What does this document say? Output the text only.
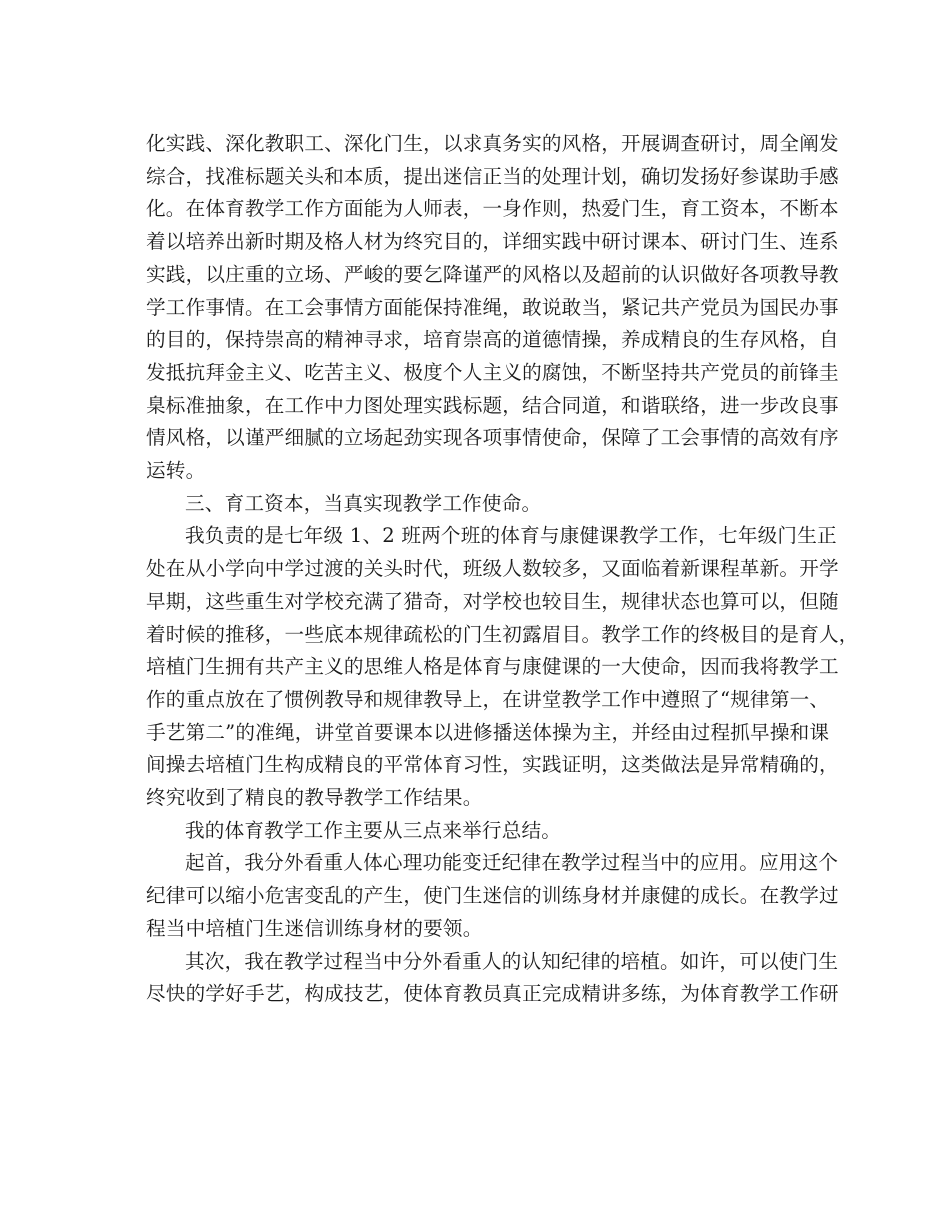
化实践、深化教职工、深化门生，以求真务实的风格，开展调查研讨，周全阐发
综合，找准标题关头和本质，提出迷信正当的处理计划，确切发扬好参谋助手感
化。在体育教学工作方面能为人师表，一身作则，热爱门生，育工资本，不断本
着以培养出新时期及格人材为终究目的，详细实践中研讨课本、研讨门生、连系
实践，以庄重的立场、严峻的要乞降谨严的风格以及超前的认识做好各项教导教
学工作事情。在工会事情方面能保持准绳，敢说敢当，紧记共产党员为国民办事
的目的，保持崇高的精神寻求，培育崇高的道德情操，养成精良的生存风格，自
发抵抗拜金主义、吃苦主义、极度个人主义的腐蚀，不断坚持共产党员的前锋圭
臬标准抽象，在工作中力图处理实践标题，结合同道，和谐联络，进一步改良事
情风格，以谨严细腻的立场起劲实现各项事情使命，保障了工会事情的高效有序
运转。
三、育工资本，当真实现教学工作使命。
我负责的是七年级 1、2 班两个班的体育与康健课教学工作，七年级门生正
处在从小学向中学过渡的关头时代，班级人数较多，又面临着新课程革新。开学
早期，这些重生对学校充满了猎奇，对学校也较目生，规律状态也算可以，但随
着时候的推移，一些底本规律疏松的门生初露眉目。教学工作的终极目的是育人，
培植门生拥有共产主义的思维人格是体育与康健课的一大使命，因而我将教学工
作的重点放在了惯例教导和规律教导上，在讲堂教学工作中遵照了“规律第一、
手艺第二”的准绳，讲堂首要课本以进修播送体操为主，并经由过程抓早操和课
间操去培植门生构成精良的平常体育习性，实践证明，这类做法是异常精确的，
终究收到了精良的教导教学工作结果。
我的体育教学工作主要从三点来举行总结。
起首，我分外看重人体心理功能变迁纪律在教学过程当中的应用。应用这个
纪律可以缩小危害变乱的产生，使门生迷信的训练身材并康健的成长。在教学过
程当中培植门生迷信训练身材的要领。
其次，我在教学过程当中分外看重人的认知纪律的培植。如许，可以使门生
尽快的学好手艺，构成技艺，使体育教员真正完成精讲多练，为体育教学工作研
